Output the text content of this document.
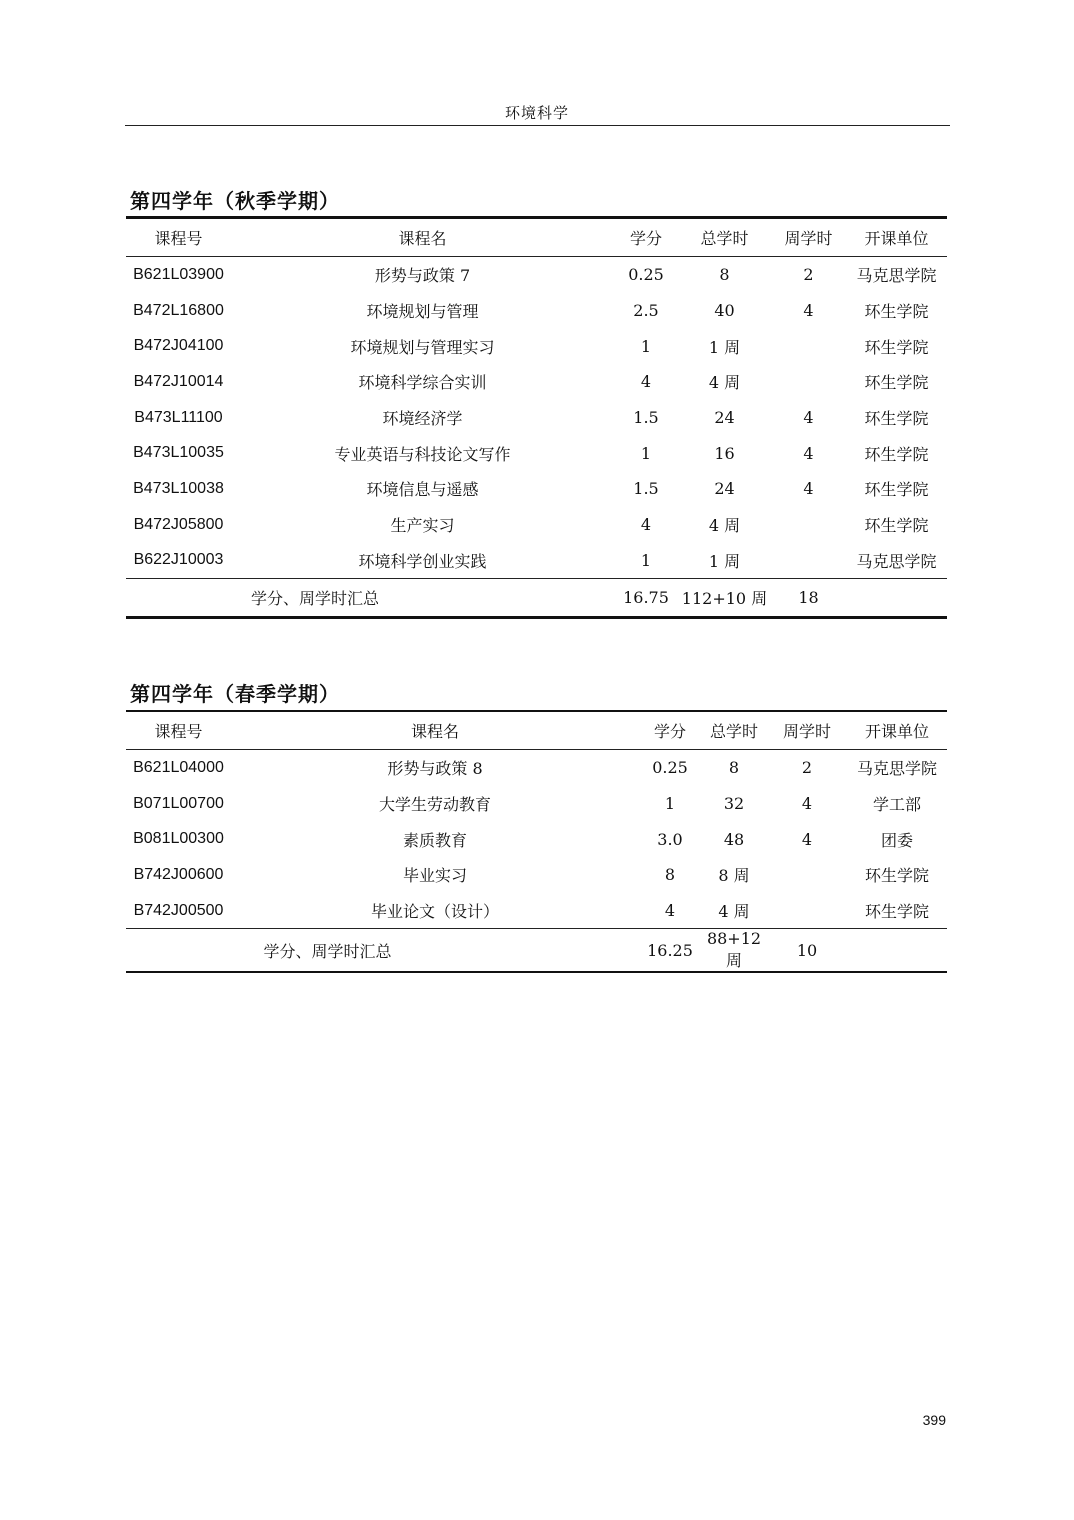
环境科学
第四学年（秋季学期）
课程号	课程名	学分	总学时	周学时	开课单位
B621L03900	形势与政策 7	0.25	8	2	马克思学院
B472L16800	环境规划与管理	2.5	40	4	环生学院
B472J04100	环境规划与管理实习	1	1 周		环生学院
B472J10014	环境科学综合实训	4	4 周		环生学院
B473L11100	环境经济学	1.5	24	4	环生学院
B473L10035	专业英语与科技论文写作	1	16	4	环生学院
B473L10038	环境信息与遥感	1.5	24	4	环生学院
B472J05800	生产实习	4	4 周		环生学院
B622J10003	环境科学创业实践	1	1 周		马克思学院
学分、周学时汇总		16.75	112+10 周	18	
第四学年（春季学期）
课程号	课程名	学分	总学时	周学时	开课单位
B621L04000	形势与政策 8	0.25	8	2	马克思学院
B071L00700	大学生劳动教育	1	32	4	学工部
B081L00300	素质教育	3.0	48	4	团委
B742J00600	毕业实习	8	8 周		环生学院
B742J00500	毕业论文（设计）	4	4 周		环生学院
学分、周学时汇总		16.25	88+12 周	10	
399
